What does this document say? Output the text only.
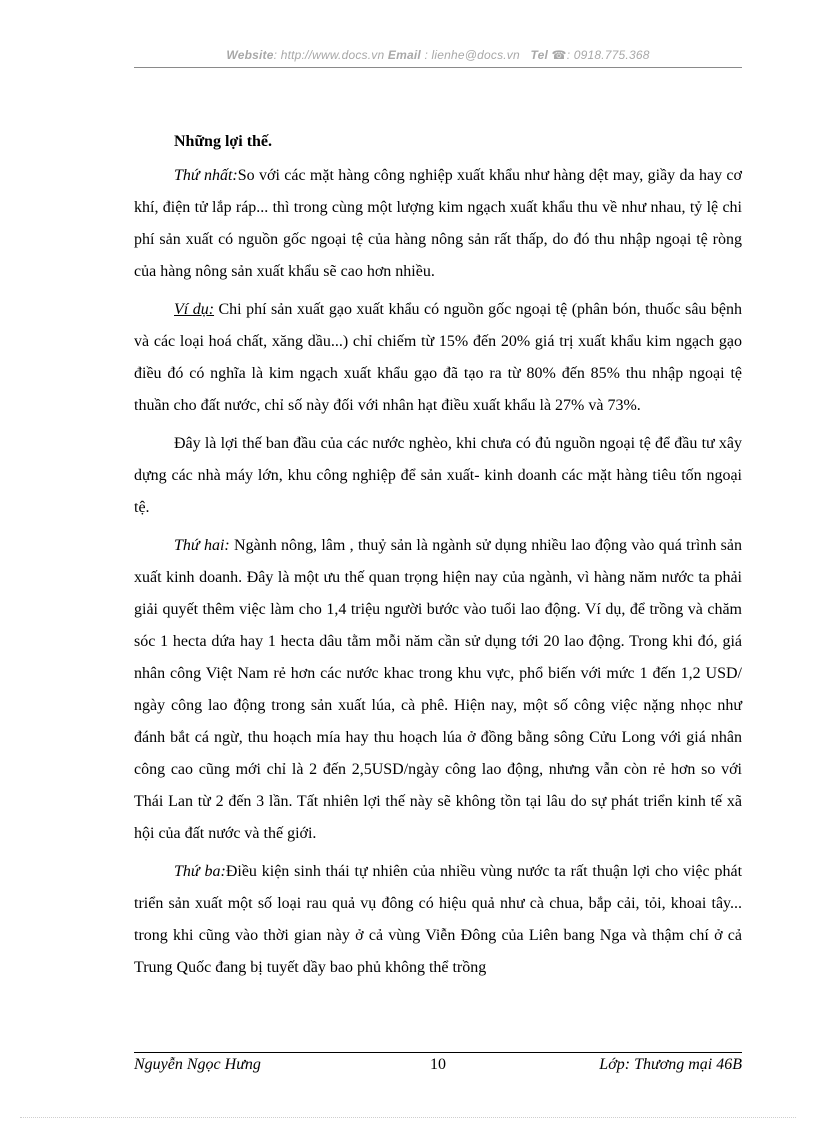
Website: http://www.docs.vn Email : lienhe@docs.vn Tel ☎: 0918.775.368
Những lợi thế.

Thứ nhất:So với các mặt hàng công nghiệp xuất khẩu như hàng dệt may, giầy da hay cơ khí, điện tử lắp ráp... thì trong cùng một lượng kim ngạch xuất khẩu thu về như nhau, tỷ lệ chi phí sản xuất có nguồn gốc ngoại tệ của hàng nông sản rất thấp, do đó thu nhập ngoại tệ ròng của hàng nông sản xuất khẩu sẽ cao hơn nhiều.

Ví dụ: Chi phí sản xuất gạo xuất khẩu có nguồn gốc ngoại tệ (phân bón, thuốc sâu bệnh và các loại hoá chất, xăng dầu...) chỉ chiếm từ 15% đến 20% giá trị xuất khẩu kim ngạch gạo điều đó có nghĩa là kim ngạch xuất khẩu gạo đã tạo ra từ 80% đến 85% thu nhập ngoại tệ thuần cho đất nước, chỉ số này đối với nhân hạt điều xuất khẩu là 27% và 73%.

Đây là lợi thế ban đầu của các nước nghèo, khi chưa có đủ nguồn ngoại tệ để đầu tư xây dựng các nhà máy lớn, khu công nghiệp để sản xuất- kinh doanh các mặt hàng tiêu tốn ngoại tệ.

Thứ hai: Ngành nông, lâm , thuỷ sản là ngành sử dụng nhiều lao động vào quá trình sản xuất kinh doanh. Đây là một ưu thế quan trọng hiện nay của ngành, vì hàng năm nước ta phải giải quyết thêm việc làm cho 1,4 triệu người bước vào tuổi lao động. Ví dụ, để trồng và chăm sóc 1 hecta dứa hay 1 hecta dâu tằm mỗi năm cần sử dụng tới 20 lao động. Trong khi đó, giá nhân công Việt Nam rẻ hơn các nước khac trong khu vực, phổ biến với mức 1 đến 1,2 USD/ ngày công lao động trong sản xuất lúa, cà phê. Hiện nay, một số công việc nặng nhọc như đánh bắt cá ngừ, thu hoạch mía hay thu hoạch lúa ở đồng bằng sông Cửu Long với giá nhân công cao cũng mới chỉ là 2 đến 2,5USD/ngày công lao động, nhưng vẫn còn rẻ hơn so với Thái Lan từ 2 đến 3 lần. Tất nhiên lợi thế này sẽ không tồn tại lâu do sự phát triển kinh tế xã hội của đất nước và thế giới.

Thứ ba:Điều kiện sinh thái tự nhiên của nhiều vùng nước ta rất thuận lợi cho việc phát triển sản xuất một số loại rau quả vụ đông có hiệu quả như cà chua, bắp cải, tỏi, khoai tây... trong khi cũng vào thời gian này ở cả vùng Viễn Đông của Liên bang Nga và thậm chí ở cả Trung Quốc đang bị tuyết dầy bao phủ không thể trồng

Nguyễn Ngọc Hưng	10	Lớp: Thương mại 46B
